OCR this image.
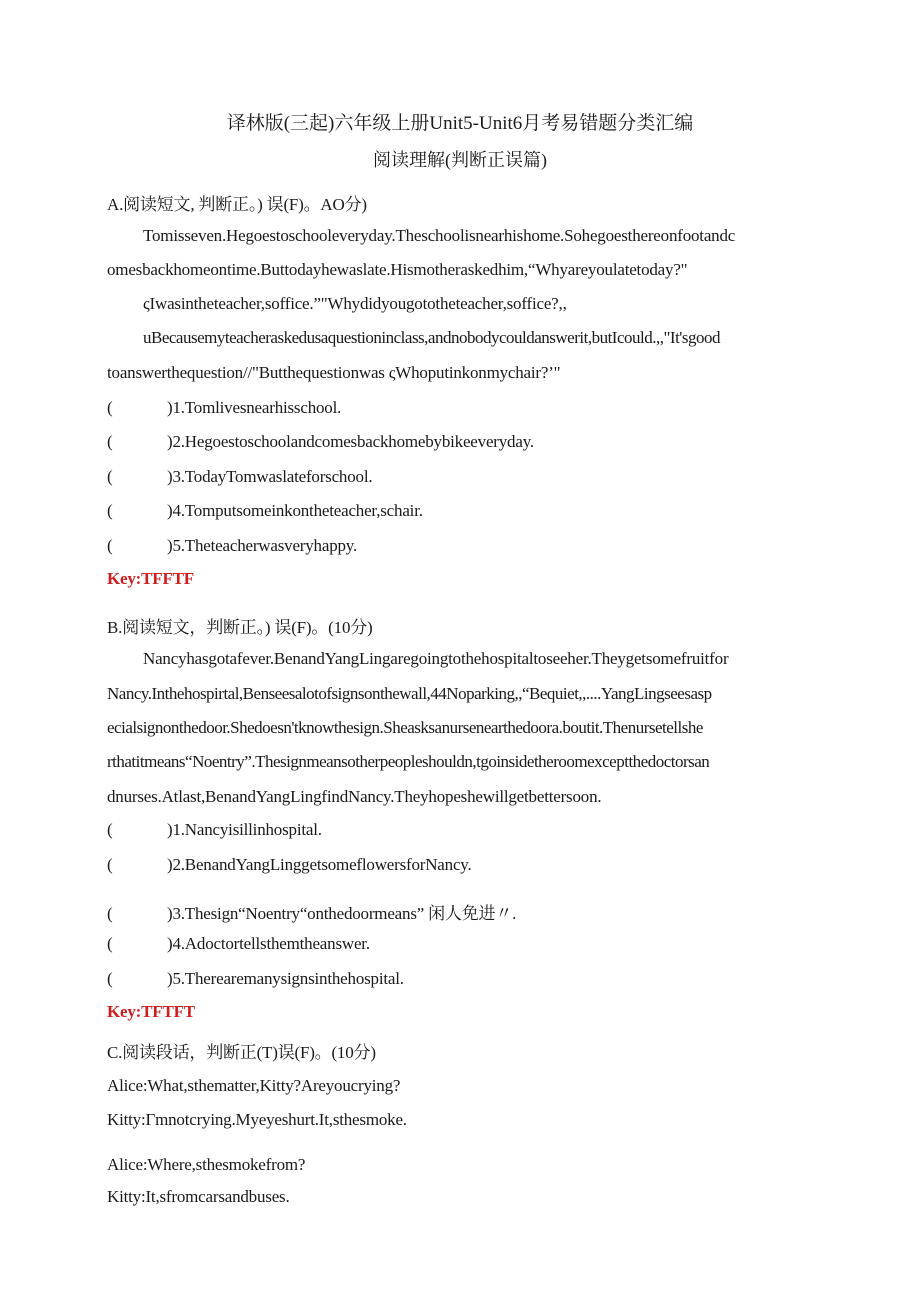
译林版(三起)六年级上册Unit5-Unit6月考易错题分类汇编
阅读理解(判断正误篇)
A.阅读短文, 判断正。) 误(F)。AO分)
Tomisseven.Hegoestoschooleveryday.Theschoolisnearhishome.Sohegoesthereonfootandc
omesbackhomeontime.Buttodayhewaslate.Hismotheraskedhim,“Whyareyoulatetoday?"
ςIwasintheteacher,soffice.”"Whydidyougototheteacher,soffice?,,
uBecausemyteacheraskedusaquestioninclass,andnobodycouldanswerit,butIcould.,,"It'sgood
toanswerthequestion//"Butthequestionwas ςWhoputinkonmychair?’"
(	)1.Tomlivesnearhisschool.
(	)2.Hegoestoschoolandcomesbackhomebybikeeveryday.
(	)3.TodayTomwaslateforschool.
(	)4.Tomputsomeinkontheteacher,schair.
(	)5.Theteacherwasveryhappy.
Key:TFFTF
B.阅读短文，判断正。) 误(F)。(10分)
Nancyhasgotafever.BenandYangLingaregoingtothehospitaltoseeher.Theygetsomefruitfor
Nancy.Inthehospirtal,Benseesalotofsignsonthewall,44Noparking,,“Bequiet,,....YangLingseesasp
ecialsignonthedoor.Shedoesn'tknowthesign.Sheasksanursenearthedoora.boutit.Thenursetellshe
rthatitmeans“Noentry”.Thesignmeansotherpeopleshouldn,tgoinsidetheroomexceptthedoctorsan
dnurses.Atlast,BenandYangLingfindNancy.Theyhopeshewillgetbettersoon.
(	)1.Nancyisillinhospital.
(	)2.BenandYangLinggetsomeflowersforNancy.
(	)3.Thesign“Noentry“onthedoormeans” 闲人免进〃.
(	)4.Adoctortellsthemtheanswer.
(	)5.Therearemanysignsinthehospital.
Key:TFTFT
C.阅读段话，判断正(T)误(F)。(10分)
Alice:What,sthematter,Kitty?Areyoucrying?
Kitty:Γmnotcrying.Myeyeshurt.It,sthesmoke.
Alice:Where,sthesmokefrom?
Kitty:It,sfromcarsandbuses.
